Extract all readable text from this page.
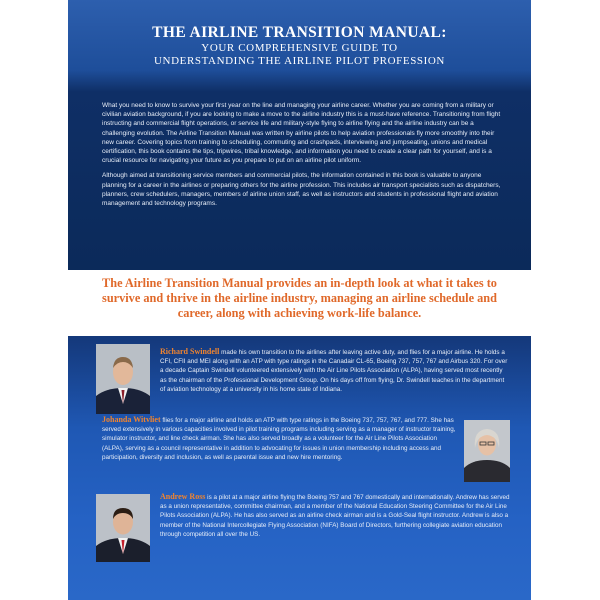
THE AIRLINE TRANSITION MANUAL:
YOUR COMPREHENSIVE GUIDE TO
UNDERSTANDING THE AIRLINE PILOT PROFESSION

What you need to know to survive your first year on the line and managing your airline career. Whether you are coming from a military or civilian aviation background, if you are looking to make a move to the airline industry this is a must-have reference. Transitioning from flight instructing and commercial flight operations, or service life and military-style flying to airline flying and the airline industry can be a challenging evolution. The Airline Transition Manual was written by airline pilots to help aviation professionals fly more smoothly into their new career. Covering topics from training to scheduling, commuting and crashpads, interviewing and jumpseating, unions and medical certification, this book contains the tips, tripwires, tribal knowledge, and information you need to create a clear path for yourself, and is a crucial resource for navigating your future as you prepare to put on an airline pilot uniform.

Although aimed at transitioning service members and commercial pilots, the information contained in this book is valuable to anyone planning for a career in the airlines or preparing others for the airline profession. This includes air transport specialists such as dispatchers, planners, crew schedulers, managers, members of airline union staff, as well as instructors and students in professional flight and aviation management and technology programs.

The Airline Transition Manual provides an in-depth look at what it takes to survive and thrive in the airline industry, managing an airline schedule and career, along with achieving work-life balance.
Richard Swindell made his own transition to the airlines after leaving active duty, and flies for a major airline. He holds a CFI, CFII and MEI along with an ATP with type ratings in the Canadair CL-65, Boeing 737, 757, 767 and Airbus 320. For over a decade Captain Swindell volunteered extensively with the Air Line Pilots Association (ALPA), having served most recently as the chairman of the Professional Development Group. On his days off from flying, Dr. Swindell teaches in the department of aviation technology at a university in his home state of Indiana.
Johanda Witvliet flies for a major airline and holds an ATP with type ratings in the Boeing 737, 757, 767, and 777. She has served extensively in various capacities involved in pilot training programs including serving as a manager of instructor training, simulator instructor, and line check airman. She has also served broadly as a volunteer for the Air Line Pilots Association (ALPA), serving as a council representative in addition to advocating for issues in union membership including access and participation, diversity and inclusion, as well as parental issue and new hire mentoring.
Andrew Ross is a pilot at a major airline flying the Boeing 757 and 767 domestically and internationally. Andrew has served as a union representative, committee chairman, and a member of the National Education Steering Committee for the Air Line Pilots Association (ALPA). He has also served as an airline check airman and is a Gold-Seal flight instructor. Andrew is also a member of the National Intercollegiate Flying Association (NIFA) Board of Directors, furthering collegiate aviation education through competition all over the US.
